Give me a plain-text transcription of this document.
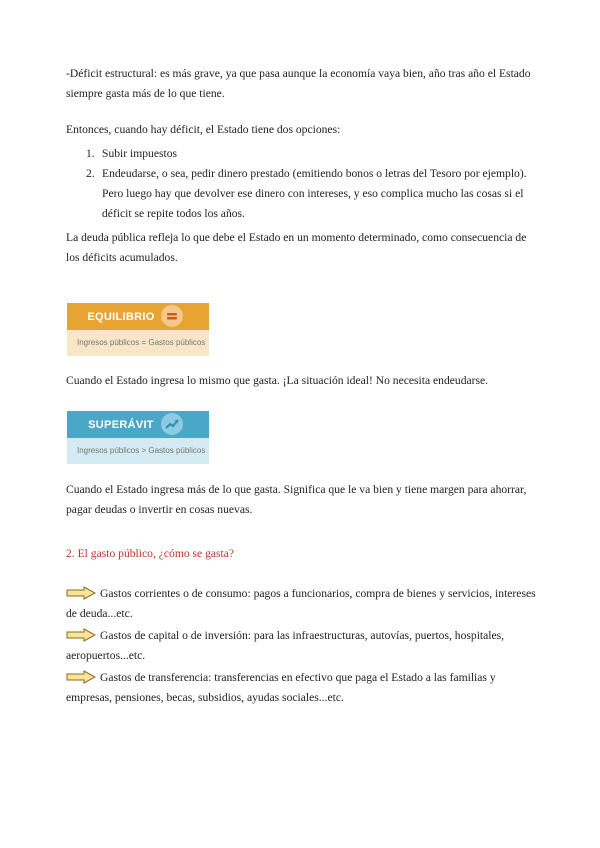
-Déficit estructural: es más grave, ya que pasa aunque la economía vaya bien, año tras año el Estado siempre gasta más de lo que tiene.

Entonces, cuando hay déficit, el Estado tiene dos opciones:

1. Subir impuestos
2. Endeudarse, o sea, pedir dinero prestado (emitiendo bonos o letras del Tesoro por ejemplo). Pero luego hay que devolver ese dinero con intereses, y eso complica mucho las cosas si el déficit se repite todos los años.

La deuda pública refleja lo que debe el Estado en un momento determinado, como consecuencia de los déficits acumulados.

EQUILIBRIO
Ingresos públicos = Gastos públicos

Cuando el Estado ingresa lo mismo que gasta. ¡La situación ideal! No necesita endeudarse.

SUPERÁVIT
Ingresos públicos > Gastos públicos

Cuando el Estado ingresa más de lo que gasta. Significa que le va bien y tiene margen para ahorrar, pagar deudas o invertir en cosas nuevas.

2. El gasto público, ¿cómo se gasta?

Gastos corrientes o de consumo: pagos a funcionarios, compra de bienes y servicios, intereses de deuda...etc.

Gastos de capital o de inversión: para las infraestructuras, autovías, puertos, hospitales, aeropuertos...etc.

Gastos de transferencia: transferencias en efectivo que paga el Estado a las familias y empresas, pensiones, becas, subsidios, ayudas sociales...etc.
